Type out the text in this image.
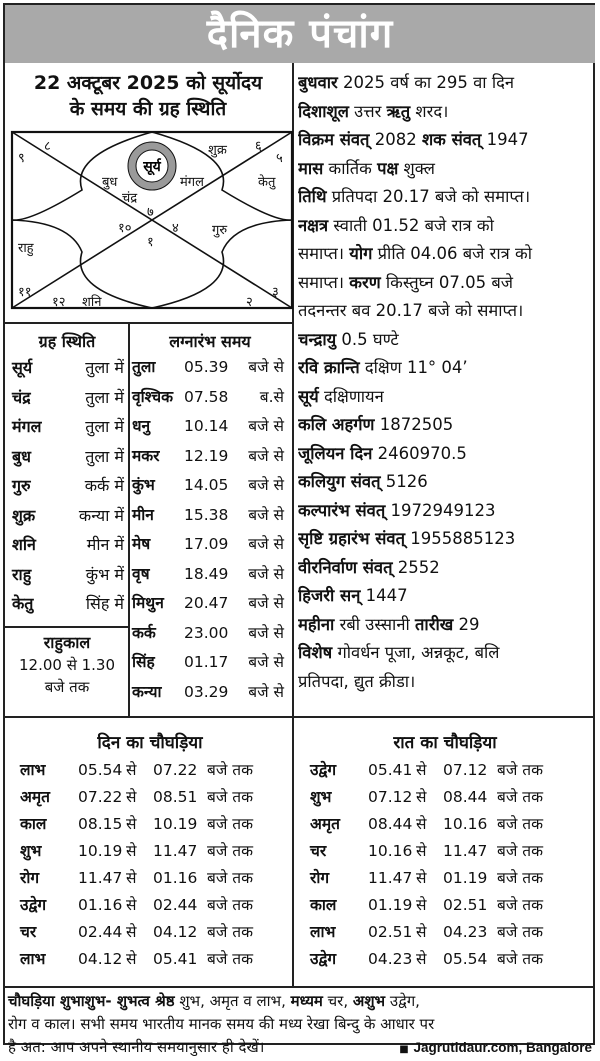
दैनिक पंचांग
22 अक्टूबर 2025 को सूर्योदय
के समय की ग्रह स्थिति
सूर्य
९
८	६
५
७
१०	४
१
११
१२
३
२
शुक्र
बुध	मंगल
चंद्र
केतु
गुरु
राहु
शनि
ग्रह स्थिति
सूर्य	तुला में
चंद्र	तुला में
मंगल	तुला में
बुध	तुला में
गुरु	कर्क में
शुक्र	कन्या में
शनि	मीन में
राहु	कुंभ में
केतु	सिंह में
लग्नारंभ समय
तुला 05.39 बजे से
वृश्चिक 07.58 ब.से
धनु 10.14 बजे से
मकर 12.19 बजे से
कुंभ 14.05 बजे से
मीन 15.38 बजे से
मेष 17.09 बजे से
वृष 18.49 बजे से
मिथुन 20.47 बजे से
कर्क 23.00 बजे से
सिंह 01.17 बजे से
कन्या 03.29 बजे से
राहुकाल
12.00 से 1.30
बजे तक
बुधवार 2025 वर्ष का 295 वा दिन
दिशाशूल उत्तर ऋतु शरद।
विक्रम संवत् 2082 शक संवत् 1947
मास कार्तिक पक्ष शुक्ल
तिथि प्रतिपदा 20.17 बजे को समाप्त।
नक्षत्र स्वाती 01.52 बजे रात्र को
समाप्त। योग प्रीति 04.06 बजे रात्र को
समाप्त। करण किस्तुघ्न 07.05 बजे
तदनन्तर बव 20.17 बजे को समाप्त।
चन्द्रायु 0.5 घण्टे
रवि क्रान्ति दक्षिण 11° 04’
सूर्य दक्षिणायन
कलि अहर्गण 1872505
जूलियन दिन 2460970.5
कलियुग संवत् 5126
कल्पारंभ संवत् 1972949123
सृष्टि ग्रहारंभ संवत् 1955885123
वीरनिर्वाण संवत् 2552
हिजरी सन् 1447
महीना रबी उस्सानी तारीख 29
विशेष गोवर्धन पूजा, अन्नकूट, बलि
प्रतिपदा, द्युत क्रीडा।
दिन का चौघड़िया	रात का चौघड़िया
लाभ 05.54 से 07.22 बजे तक
अमृत 07.22 से 08.51 बजे तक
काल 08.15 से 10.19 बजे तक
शुभ 10.19 से 11.47 बजे तक
रोग	11.47 से 01.16 बजे तक
उद्वेग 01.16 से 02.44 बजे तक
चर	02.44 से 04.12 बजे तक
लाभ 04.12 से 05.41 बजे तक
उद्वेग 05.41 से 07.12 बजे तक
शुभ 07.12 से 08.44 बजे तक
अमृत 08.44 से 10.16 बजे तक
चर	10.16 से 11.47 बजे तक
रोग	11.47 से 01.19 बजे तक
काल 01.19 से 02.51 बजे तक
लाभ 02.51 से 04.23 बजे तक
उद्वेग 04.23 से 05.54 बजे तक
चौघड़िया शुभाशुभ- शुभत्व श्रेष्ठ शुभ, अमृत व लाभ, मध्यम चर, अशुभ उद्वेग,
रोग व काल। सभी समय भारतीय मानक समय की मध्य रेखा बिन्दु के आधार पर
है अत: आप अपने स्थानीय समयानुसार ही देखें।	■ Jagrutidaur.com, Bangalore
